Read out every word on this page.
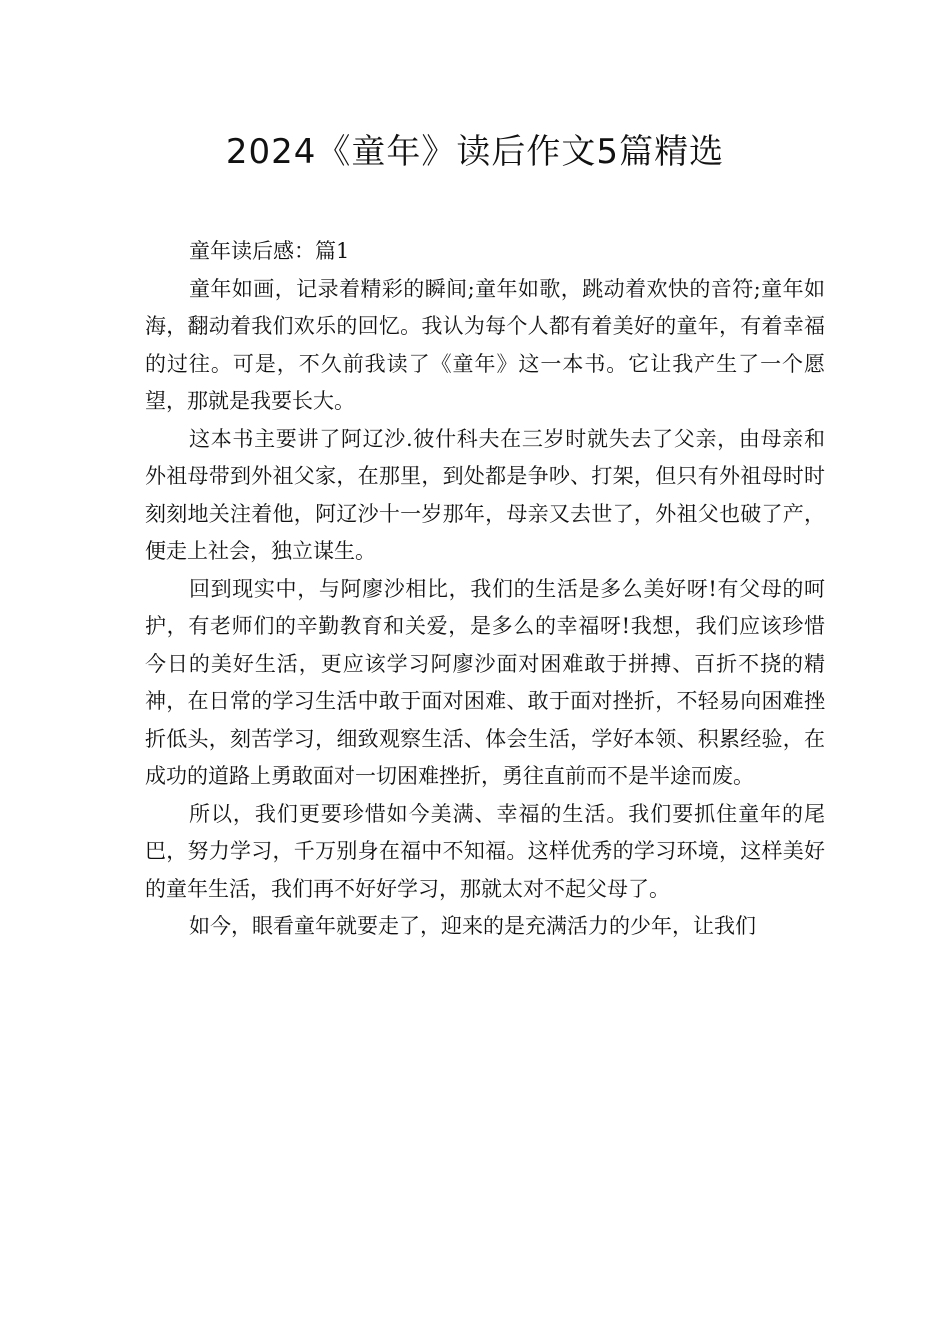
2024《童年》读后作文5篇精选

童年读后感：篇1

童年如画，记录着精彩的瞬间;童年如歌，跳动着欢快的音符;童年如海，翻动着我们欢乐的回忆。我认为每个人都有着美好的童年，有着幸福的过往。可是，不久前我读了《童年》这一本书。它让我产生了一个愿望，那就是我要长大。

这本书主要讲了阿辽沙.彼什科夫在三岁时就失去了父亲，由母亲和外祖母带到外祖父家，在那里，到处都是争吵、打架，但只有外祖母时时刻刻地关注着他，阿辽沙十一岁那年，母亲又去世了，外祖父也破了产，便走上社会，独立谋生。

回到现实中，与阿廖沙相比，我们的生活是多么美好呀!有父母的呵护，有老师们的辛勤教育和关爱，是多么的幸福呀!我想，我们应该珍惜今日的美好生活，更应该学习阿廖沙面对困难敢于拼搏、百折不挠的精神，在日常的学习生活中敢于面对困难、敢于面对挫折，不轻易向困难挫折低头，刻苦学习，细致观察生活、体会生活，学好本领、积累经验，在成功的道路上勇敢面对一切困难挫折，勇往直前而不是半途而废。

所以，我们更要珍惜如今美满、幸福的生活。我们要抓住童年的尾巴，努力学习，千万别身在福中不知福。这样优秀的学习环境，这样美好的童年生活，我们再不好好学习，那就太对不起父母了。

如今，眼看童年就要走了，迎来的是充满活力的少年，让我们
